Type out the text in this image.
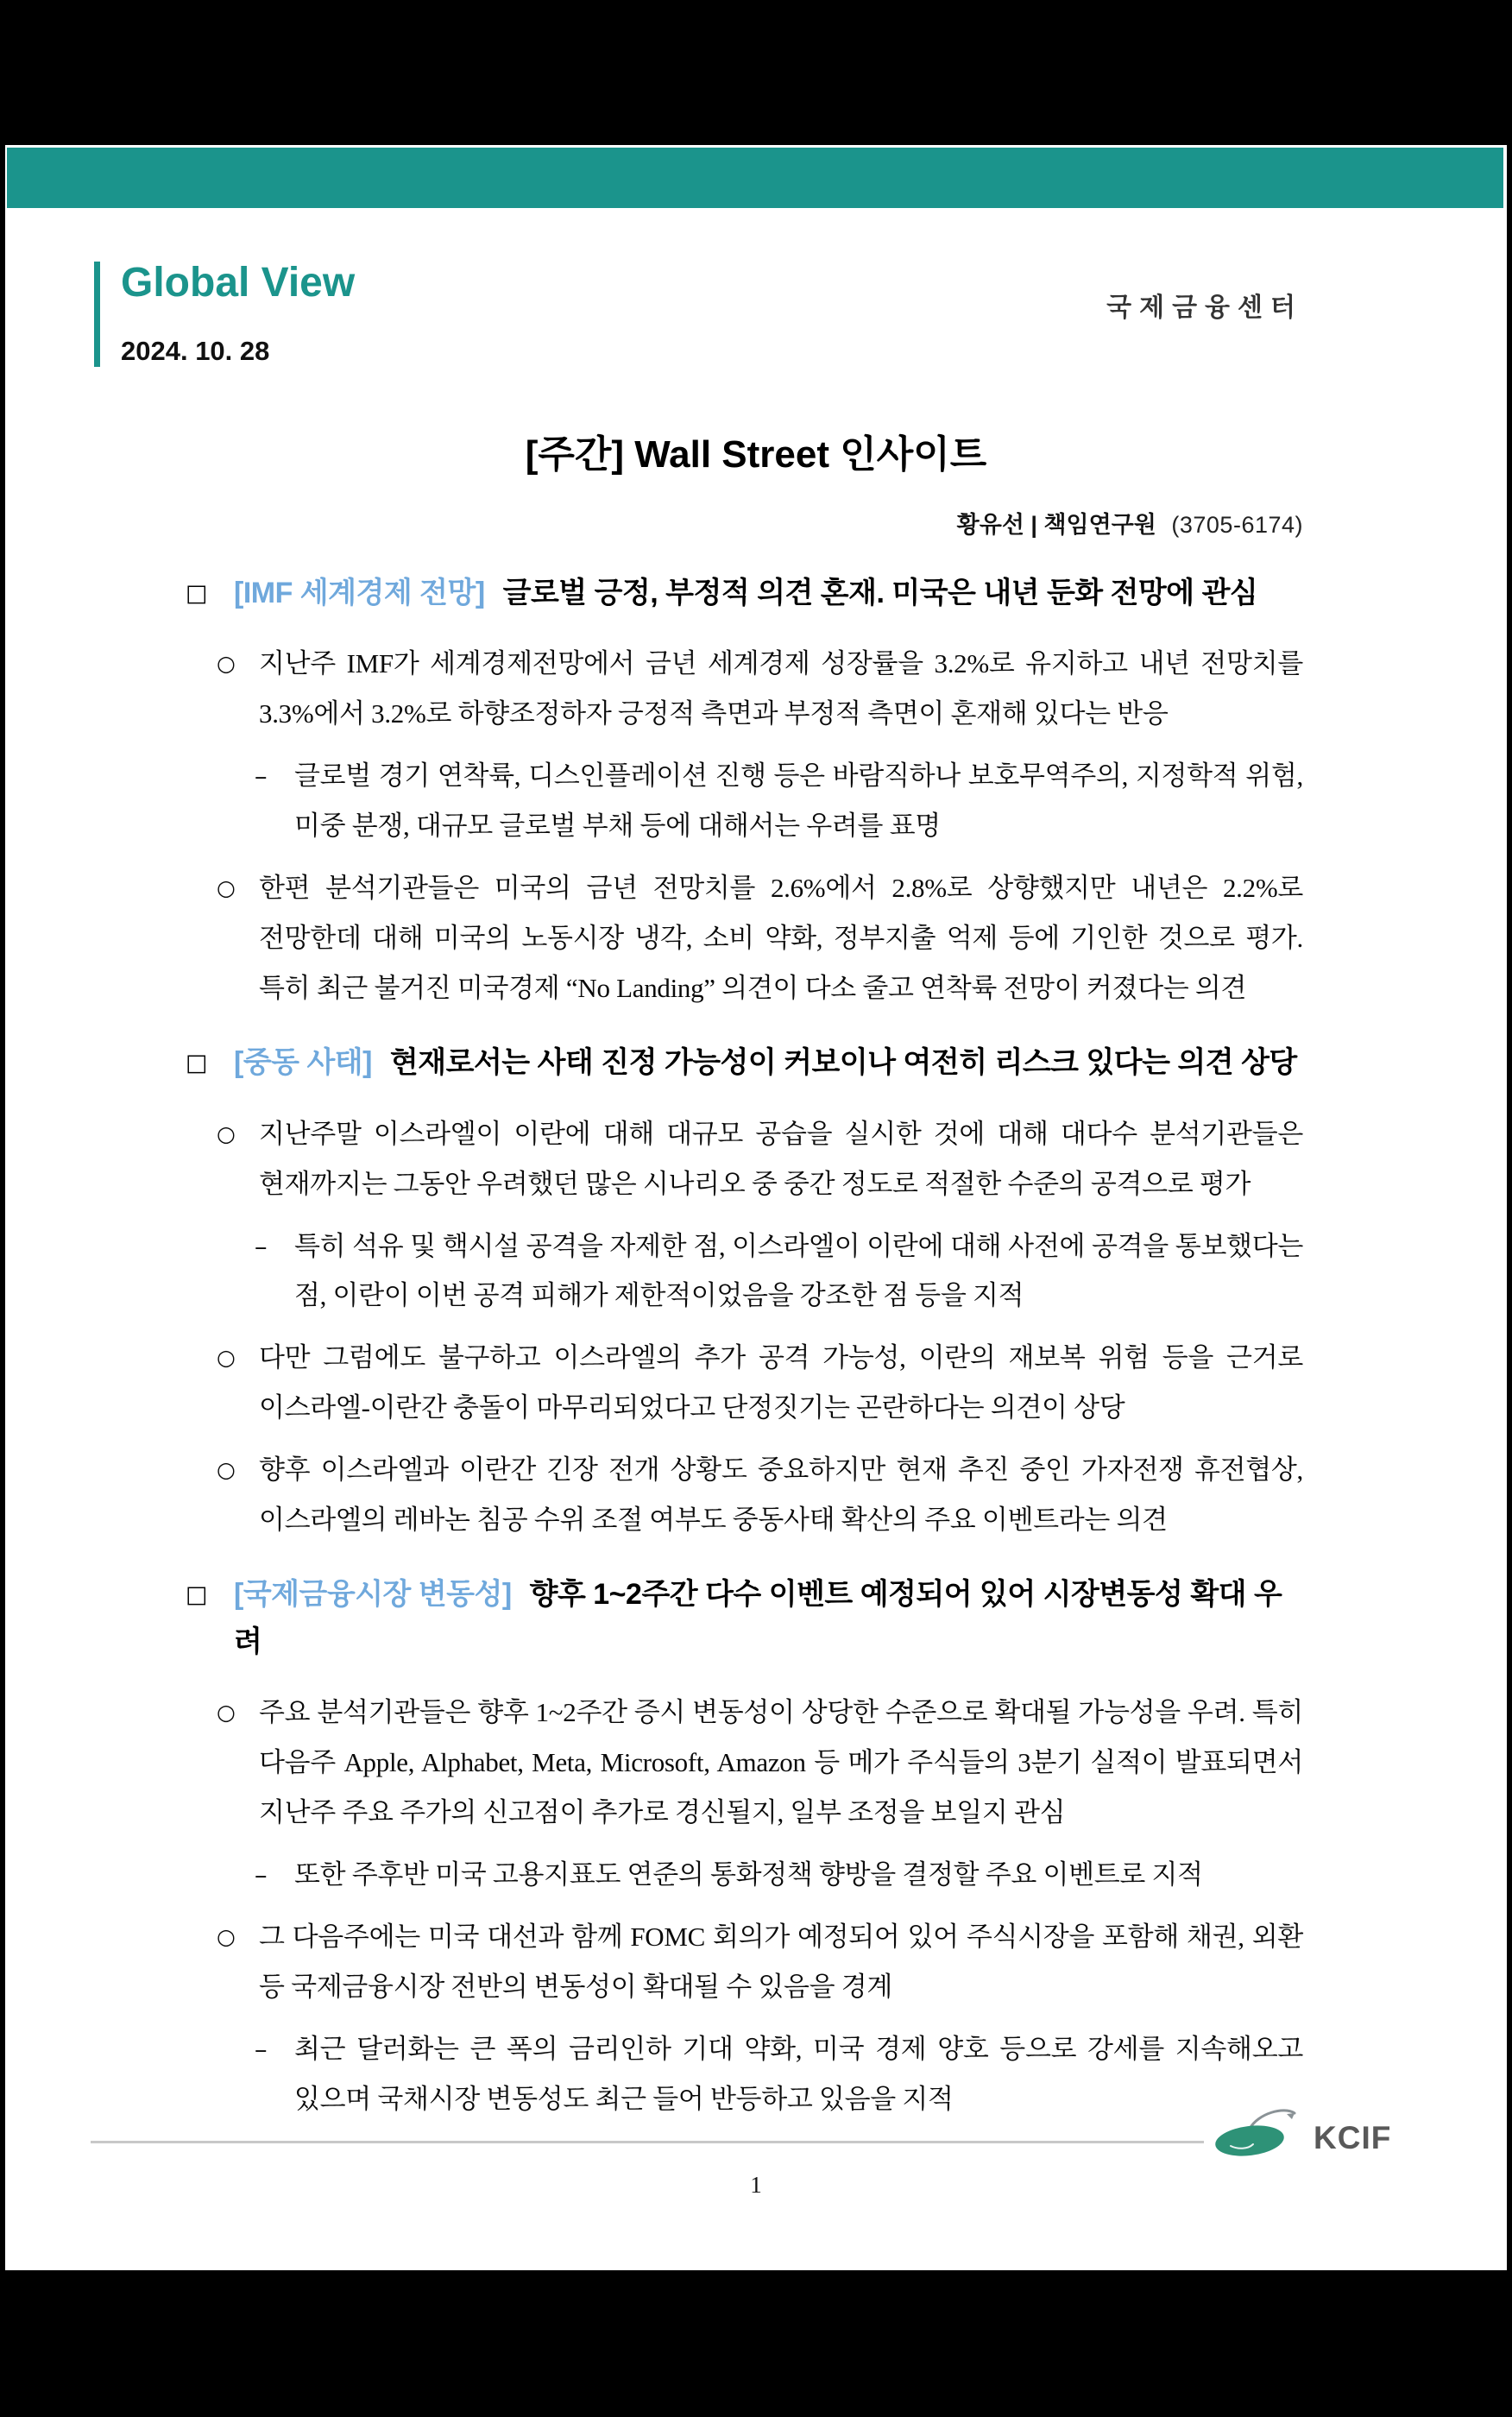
Global View
2024. 10. 28
국제금융센터
[주간] Wall Street 인사이트
황유선 | 책임연구원 (3705-6174)
□ [IMF 세계경제 전망] 글로벌 긍정, 부정적 의견 혼재. 미국은 내년 둔화 전망에 관심
○ 지난주 IMF가 세계경제전망에서 금년 세계경제 성장률을 3.2%로 유지하고 내년 전망치를 3.3%에서 3.2%로 하향조정하자 긍정적 측면과 부정적 측면이 혼재해 있다는 반응
–	글로벌 경기 연착륙, 디스인플레이션 진행 등은 바람직하나 보호무역주의, 지정학적 위험, 미중 분쟁, 대규모 글로벌 부채 등에 대해서는 우려를 표명
○ 한편 분석기관들은 미국의 금년 전망치를 2.6%에서 2.8%로 상향했지만 내년은 2.2%로 전망한데 대해 미국의 노동시장 냉각, 소비 약화, 정부지출 억제 등에 기인한 것으로 평가. 특히 최근 불거진 미국경제 “No Landing” 의견이 다소 줄고 연착륙 전망이 커졌다는 의견
□ [중동 사태] 현재로서는 사태 진정 가능성이 커보이나 여전히 리스크 있다는 의견 상당
○ 지난주말 이스라엘이 이란에 대해 대규모 공습을 실시한 것에 대해 대다수 분석기관들은 현재까지는 그동안 우려했던 많은 시나리오 중 중간 정도로 적절한 수준의 공격으로 평가
–	특히 석유 및 핵시설 공격을 자제한 점, 이스라엘이 이란에 대해 사전에 공격을 통보했다는 점, 이란이 이번 공격 피해가 제한적이었음을 강조한 점 등을 지적
○ 다만 그럼에도 불구하고 이스라엘의 추가 공격 가능성, 이란의 재보복 위험 등을 근거로 이스라엘-이란간 충돌이 마무리되었다고 단정짓기는 곤란하다는 의견이 상당
○ 향후 이스라엘과 이란간 긴장 전개 상황도 중요하지만 현재 추진 중인 가자전쟁 휴전협상, 이스라엘의 레바논 침공 수위 조절 여부도 중동사태 확산의 주요 이벤트라는 의견
□ [국제금융시장 변동성] 향후 1~2주간 다수 이벤트 예정되어 있어 시장변동성 확대 우려
○ 주요 분석기관들은 향후 1~2주간 증시 변동성이 상당한 수준으로 확대될 가능성을 우려. 특히 다음주 Apple, Alphabet, Meta, Microsoft, Amazon 등 메가 주식들의 3분기 실적이 발표되면서 지난주 주요 주가의 신고점이 추가로 경신될지, 일부 조정을 보일지 관심
–	또한 주후반 미국 고용지표도 연준의 통화정책 향방을 결정할 주요 이벤트로 지적
○ 그 다음주에는 미국 대선과 함께 FOMC 회의가 예정되어 있어 주식시장을 포함해 채권, 외환 등 국제금융시장 전반의 변동성이 확대될 수 있음을 경계
–	최근 달러화는 큰 폭의 금리인하 기대 약화, 미국 경제 양호 등으로 강세를 지속해오고 있으며 국채시장 변동성도 최근 들어 반등하고 있음을 지적
KCIF
1
